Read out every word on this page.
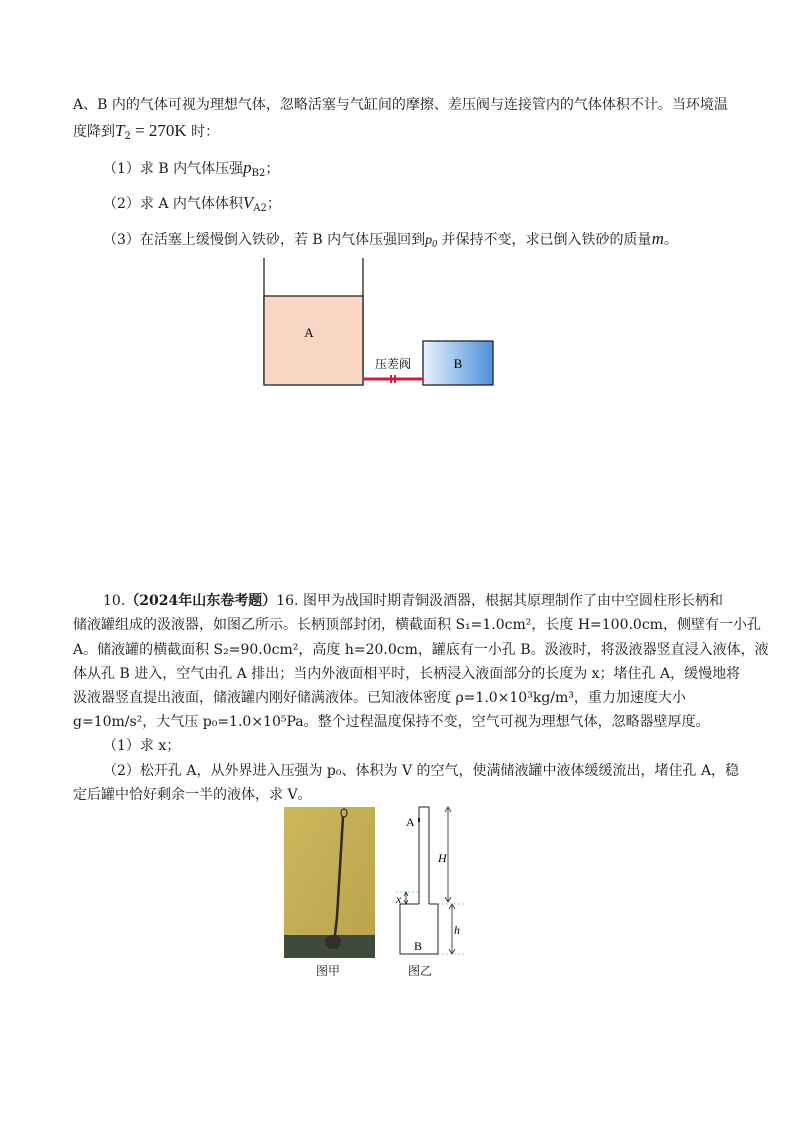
A、B 内的气体可视为理想气体，忽略活塞与气缸间的摩擦、差压阀与连接管内的气体体积不计。当环境温
度降到$T_2 = 270K$ 时：
（1）求 B 内气体压强$p_{B2}$；
（2）求 A 内气体体积$V_{A2}$；
（3）在活塞上缓慢倒入铁砂，若 B 内气体压强回到$p_0$ 并保持不变，求已倒入铁砂的质量m。
A
B
压差阀
10.（2024年山东卷考题）16. 图甲为战国时期青铜汲酒器，根据其原理制作了由中空圆柱形长柄和
储液罐组成的汲液器，如图乙所示。长柄顶部封闭，横截面积 S₁=1.0cm²，长度 H=100.0cm，侧壁有一小孔
A。储液罐的横截面积 S₂=90.0cm²，高度 h=20.0cm，罐底有一小孔 B。汲液时，将汲液器竖直浸入液体，液
体从孔 B 进入，空气由孔 A 排出；当内外液面相平时，长柄浸入液面部分的长度为 x；堵住孔 A，缓慢地将
汲液器竖直提出液面，储液罐内刚好储满液体。已知液体密度 ρ=1.0×10³kg/m³，重力加速度大小
g=10m/s²，大气压 p₀=1.0×10⁵Pa。整个过程温度保持不变，空气可视为理想气体，忽略器壁厚度。
（1）求 x；
（2）松开孔 A，从外界进入压强为 p₀、体积为 V 的空气，使满储液罐中液体缓缓流出，堵住孔 A，稳
定后罐中恰好剩余一半的液体，求 V。
图甲
A
B
H
h
x
图乙
